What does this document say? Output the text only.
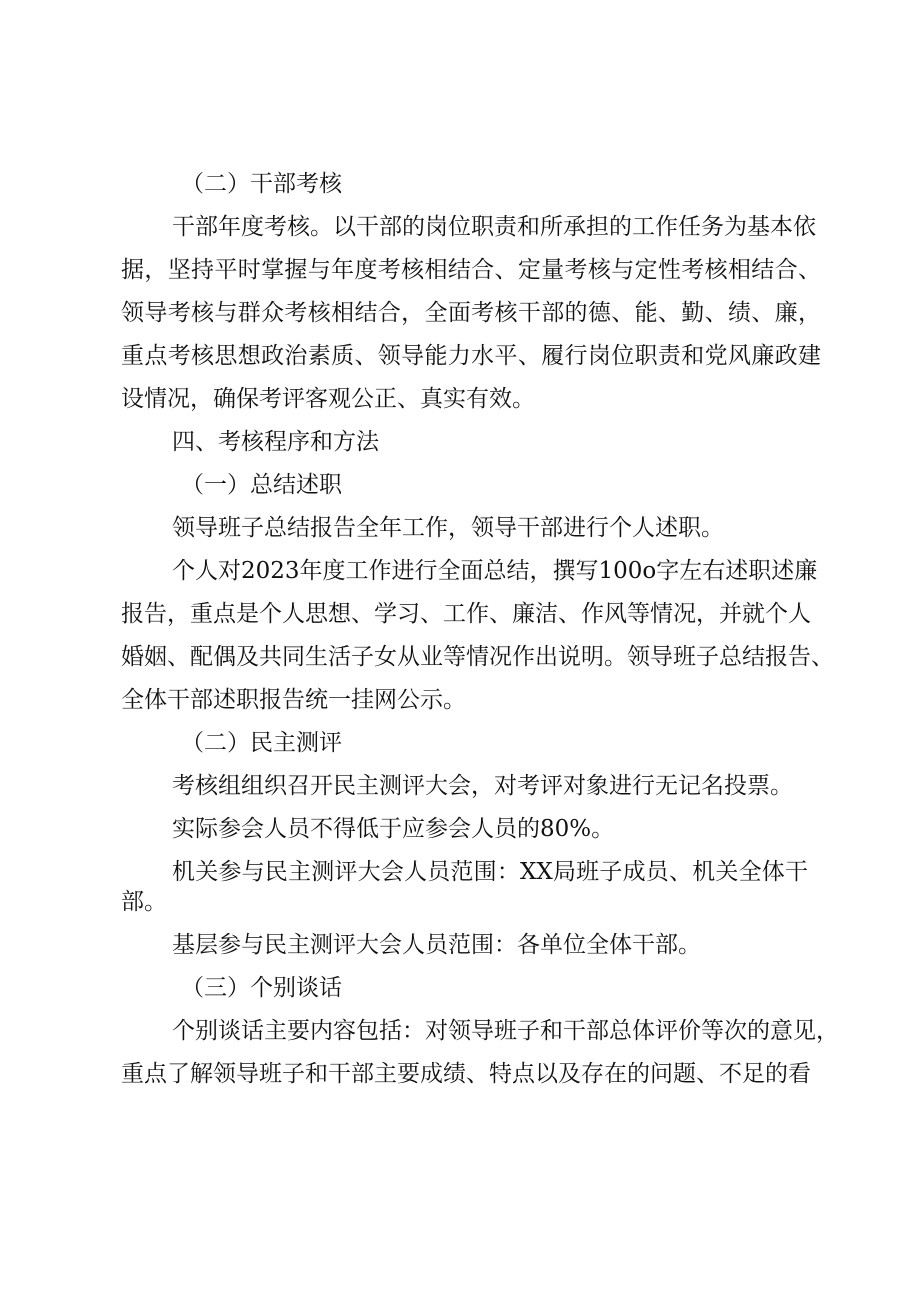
（二）干部考核
干部年度考核。以干部的岗位职责和所承担的工作任务为基本依
据，坚持平时掌握与年度考核相结合、定量考核与定性考核相结合、
领导考核与群众考核相结合，全面考核干部的德、能、勤、绩、廉，
重点考核思想政治素质、领导能力水平、履行岗位职责和党风廉政建
设情况，确保考评客观公正、真实有效。
四、考核程序和方法
（一）总结述职
领导班子总结报告全年工作，领导干部进行个人述职。
个人对2023年度工作进行全面总结，撰写100o字左右述职述廉
报告，重点是个人思想、学习、工作、廉洁、作风等情况，并就个人
婚姻、配偶及共同生活子女从业等情况作出说明。领导班子总结报告、
全体干部述职报告统一挂网公示。
（二）民主测评
考核组组织召开民主测评大会，对考评对象进行无记名投票。
实际参会人员不得低于应参会人员的80%。
机关参与民主测评大会人员范围：XX局班子成员、机关全体干
部。
基层参与民主测评大会人员范围：各单位全体干部。
（三）个别谈话
个别谈话主要内容包括：对领导班子和干部总体评价等次的意见，
重点了解领导班子和干部主要成绩、特点以及存在的问题、不足的看
